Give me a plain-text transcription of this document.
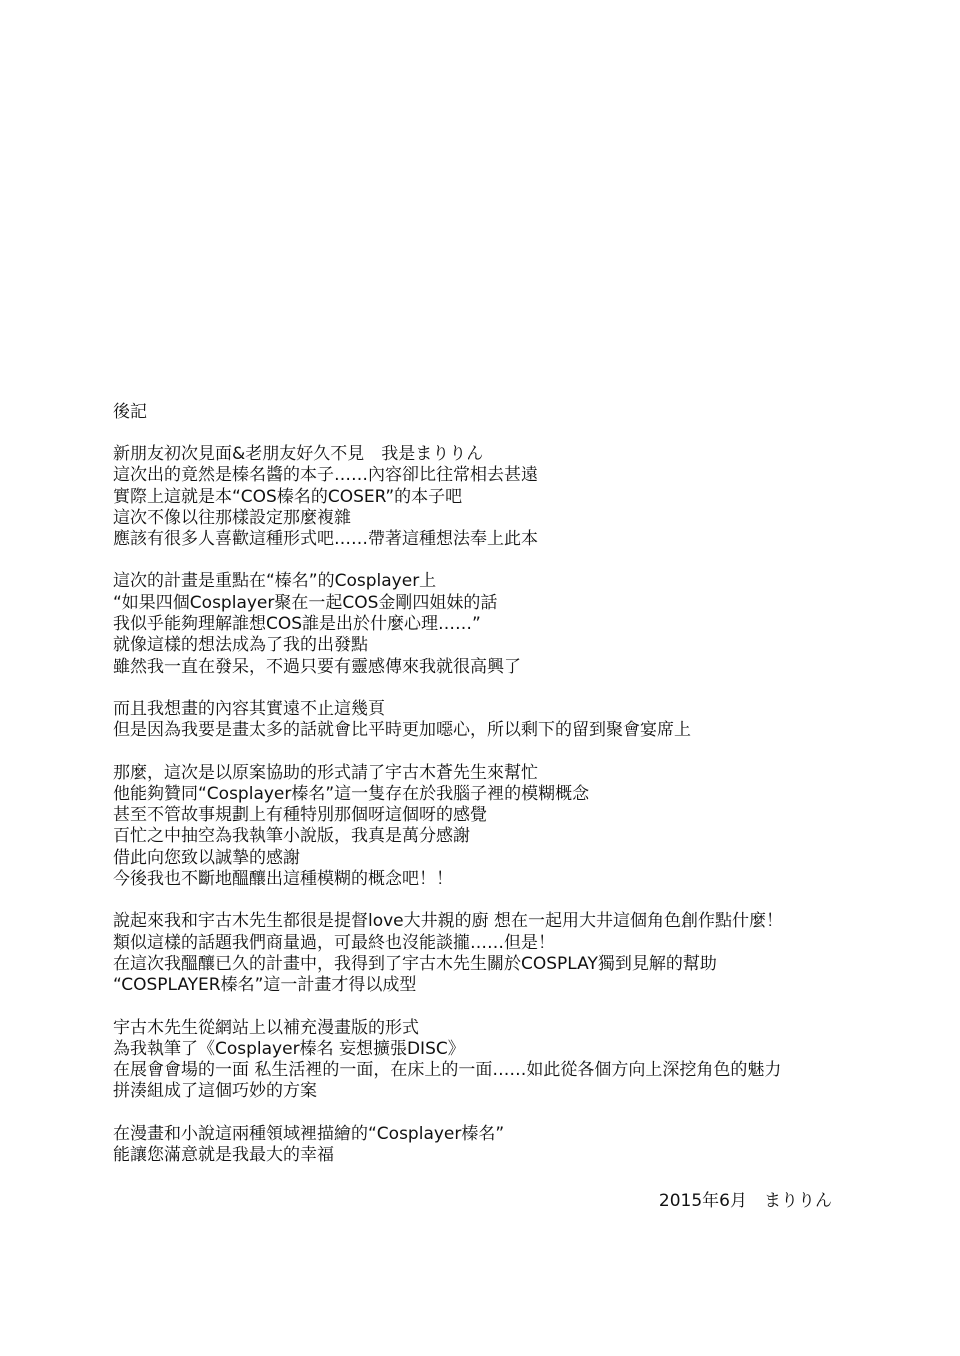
後記
新朋友初次見面&老朋友好久不見　我是まりりん
這次出的竟然是榛名醬的本子……內容卻比往常相去甚遠
實際上這就是本“COS榛名的COSER”的本子吧
這次不像以往那樣設定那麼複雜
應該有很多人喜歡這種形式吧……帶著這種想法奉上此本
這次的計畫是重點在“榛名”的Cosplayer上
“如果四個Cosplayer聚在一起COS金剛四姐妹的話
我似乎能夠理解誰想COS誰是出於什麼心理……”
就像這樣的想法成為了我的出發點
雖然我一直在發呆，不過只要有靈感傳來我就很高興了
而且我想畫的內容其實遠不止這幾頁
但是因為我要是畫太多的話就會比平時更加噁心，所以剩下的留到聚會宴席上
那麼，這次是以原案協助的形式請了宇古木蒼先生來幫忙
他能夠贊同“Cosplayer榛名”這一隻存在於我腦子裡的模糊概念
甚至不管故事規劃上有種特別那個呀這個呀的感覺
百忙之中抽空為我執筆小說版，我真是萬分感謝
借此向您致以誠摯的感謝
今後我也不斷地醞釀出這種模糊的概念吧！！
說起來我和宇古木先生都很是提督love大井親的廚 想在一起用大井這個角色創作點什麼！
類似這樣的話題我們商量過，可最終也沒能談攏……但是！
在這次我醞釀已久的計畫中，我得到了宇古木先生關於COSPLAY獨到見解的幫助
“COSPLAYER榛名”這一計畫才得以成型
宇古木先生從網站上以補充漫畫版的形式
為我執筆了《Cosplayer榛名 妄想擴張DISC》
在展會會場的一面 私生活裡的一面，在床上的一面……如此從各個方向上深挖角色的魅力
拼湊組成了這個巧妙的方案
在漫畫和小說這兩種領域裡描繪的“Cosplayer榛名”
能讓您滿意就是我最大的幸福
2015年6月　まりりん
